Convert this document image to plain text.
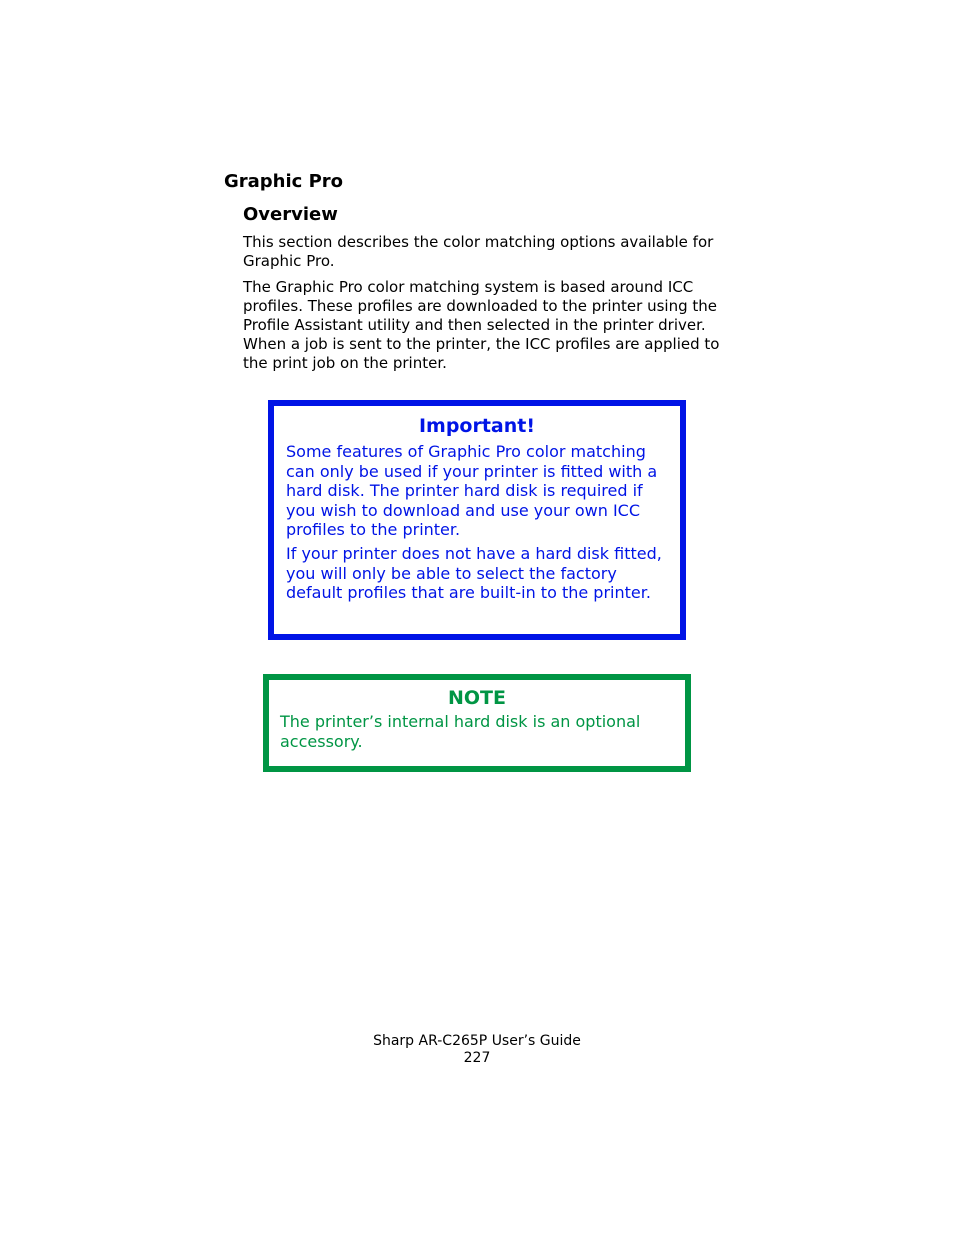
Graphic Pro
Overview

This section describes the color matching options available for Graphic Pro.

The Graphic Pro color matching system is based around ICC profiles. These profiles are downloaded to the printer using the Profile Assistant utility and then selected in the printer driver. When a job is sent to the printer, the ICC profiles are applied to the print job on the printer.

Important!
Some features of Graphic Pro color matching can only be used if your printer is fitted with a hard disk. The printer hard disk is required if you wish to download and use your own ICC profiles to the printer.
If your printer does not have a hard disk fitted, you will only be able to select the factory default profiles that are built-in to the printer.
NOTE
The printer’s internal hard disk is an optional accessory.
Sharp AR-C265P User’s Guide
227
